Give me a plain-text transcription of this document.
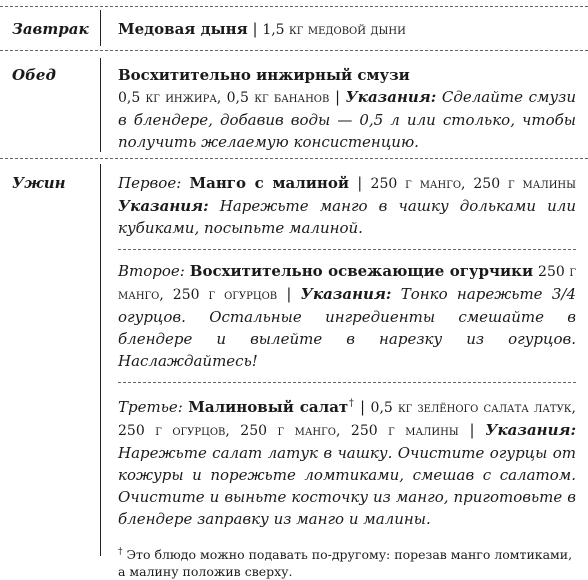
Завтрак Медовая дыня | 1,5 кг медовой дыни
Обед	Восхитительно инжирный смузи

0,5 кг инжира, 0,5 кг бананов | Указания: Сделайте смузи в блендере, добавив воды — 0,5 л или столько, чтобы получить желаемую консистенцию.

Ужин	Первое: Манго с малиной | 250 г манго, 250 г малины Указания: Нарежьте манго в чашку дольками или кубиками, посыпьте малиной.

Второе: Восхитительно освежающие огурчики 250 г манго, 250 г огурцов | Указания: Тонко нарежьте 3/4 огурцов. Остальные ингредиенты смешайте в блендере и вылейте в нарезку из огурцов. Наслаждайтесь!

Третье: Малиновый салат† | 0,5 кг зелёного салата латук, 250 г огурцов, 250 г манго, 250 г малины | Указания: Нарежьте салат латук в чашку. Очистите огурцы от кожуры и порежьте ломтиками, смешав с салатом. Очистите и выньте косточку из манго, приготовьте в блендере заправку из манго и малины.

† Это блюдо можно подавать по-другому: порезав манго ломтиками, а малину положив сверху.
